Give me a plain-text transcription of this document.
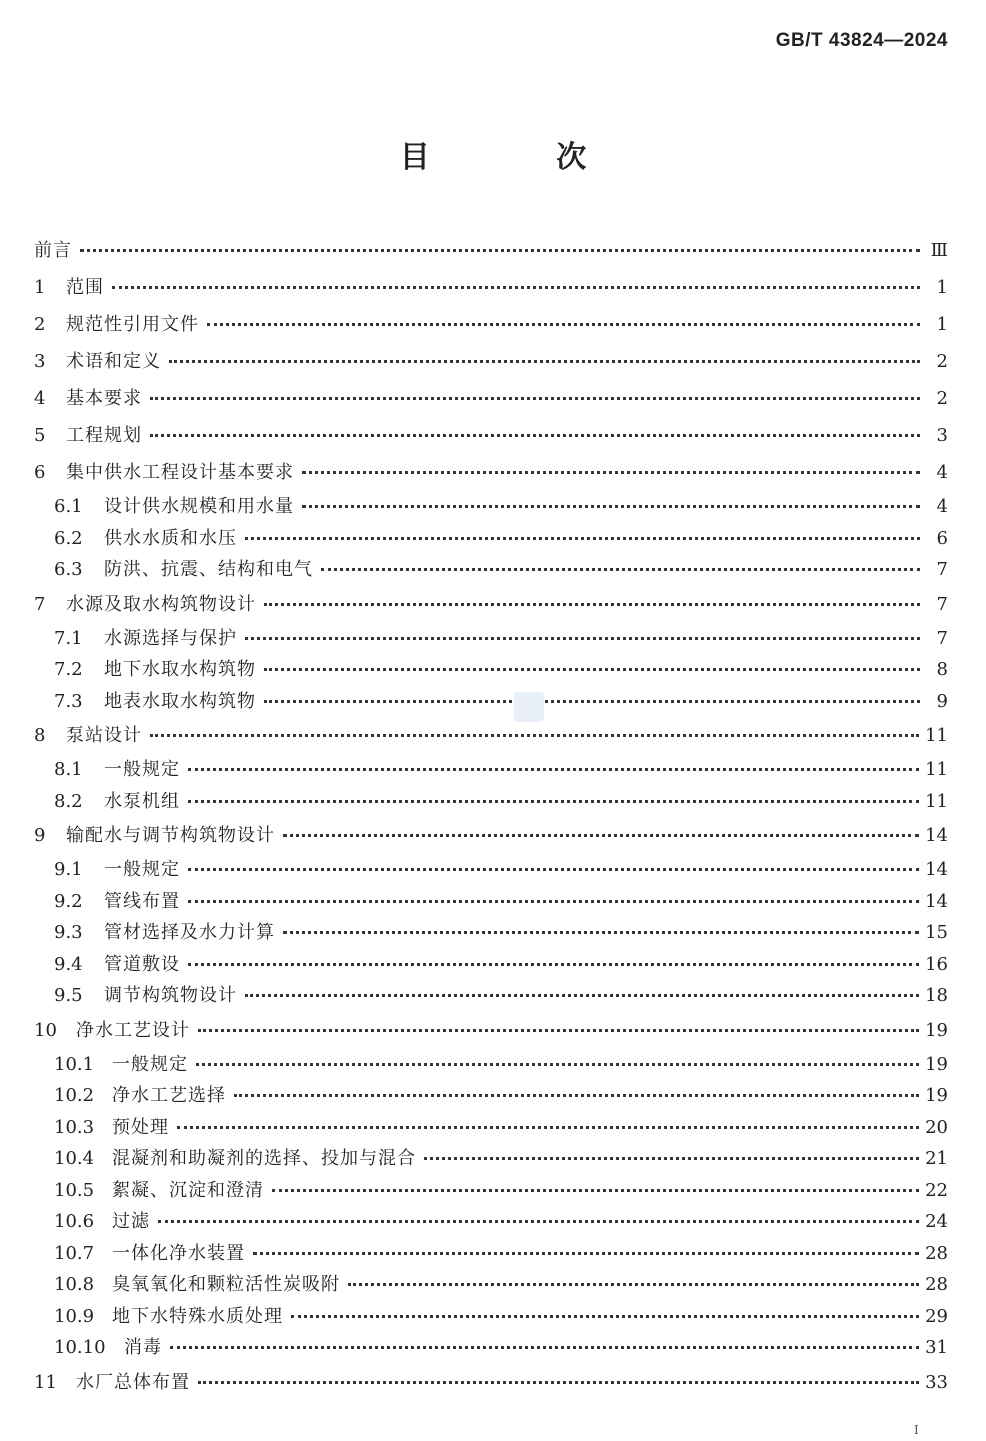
GB/T 43824—2024
目 次
前言	Ⅲ
1	范围	1
2	规范性引用文件	1
3	术语和定义	2
4	基本要求	2
5	工程规划	3
6	集中供水工程设计基本要求	4
6.1	设计供水规模和用水量	4
6.2	供水水质和水压	6
6.3	防洪、抗震、结构和电气	7
7	水源及取水构筑物设计	7
7.1	水源选择与保护	7
7.2	地下水取水构筑物	8
7.3	地表水取水构筑物	9
8	泵站设计	11
8.1	一般规定	11
8.2	水泵机组	11
9	输配水与调节构筑物设计	14
9.1	一般规定	14
9.2	管线布置	14
9.3	管材选择及水力计算	15
9.4	管道敷设	16
9.5	调节构筑物设计	18
10	净水工艺设计	19
10.1 一般规定	19
10.2 净水工艺选择	19
10.3 预处理	20
10.4 混凝剂和助凝剂的选择、投加与混合	21
10.5 絮凝、沉淀和澄清	22
10.6 过滤	24
10.7 一体化净水装置	28
10.8 臭氧氧化和颗粒活性炭吸附	28
10.9 地下水特殊水质处理	29
10.10	消毒	31
11	水厂总体布置	33
I
